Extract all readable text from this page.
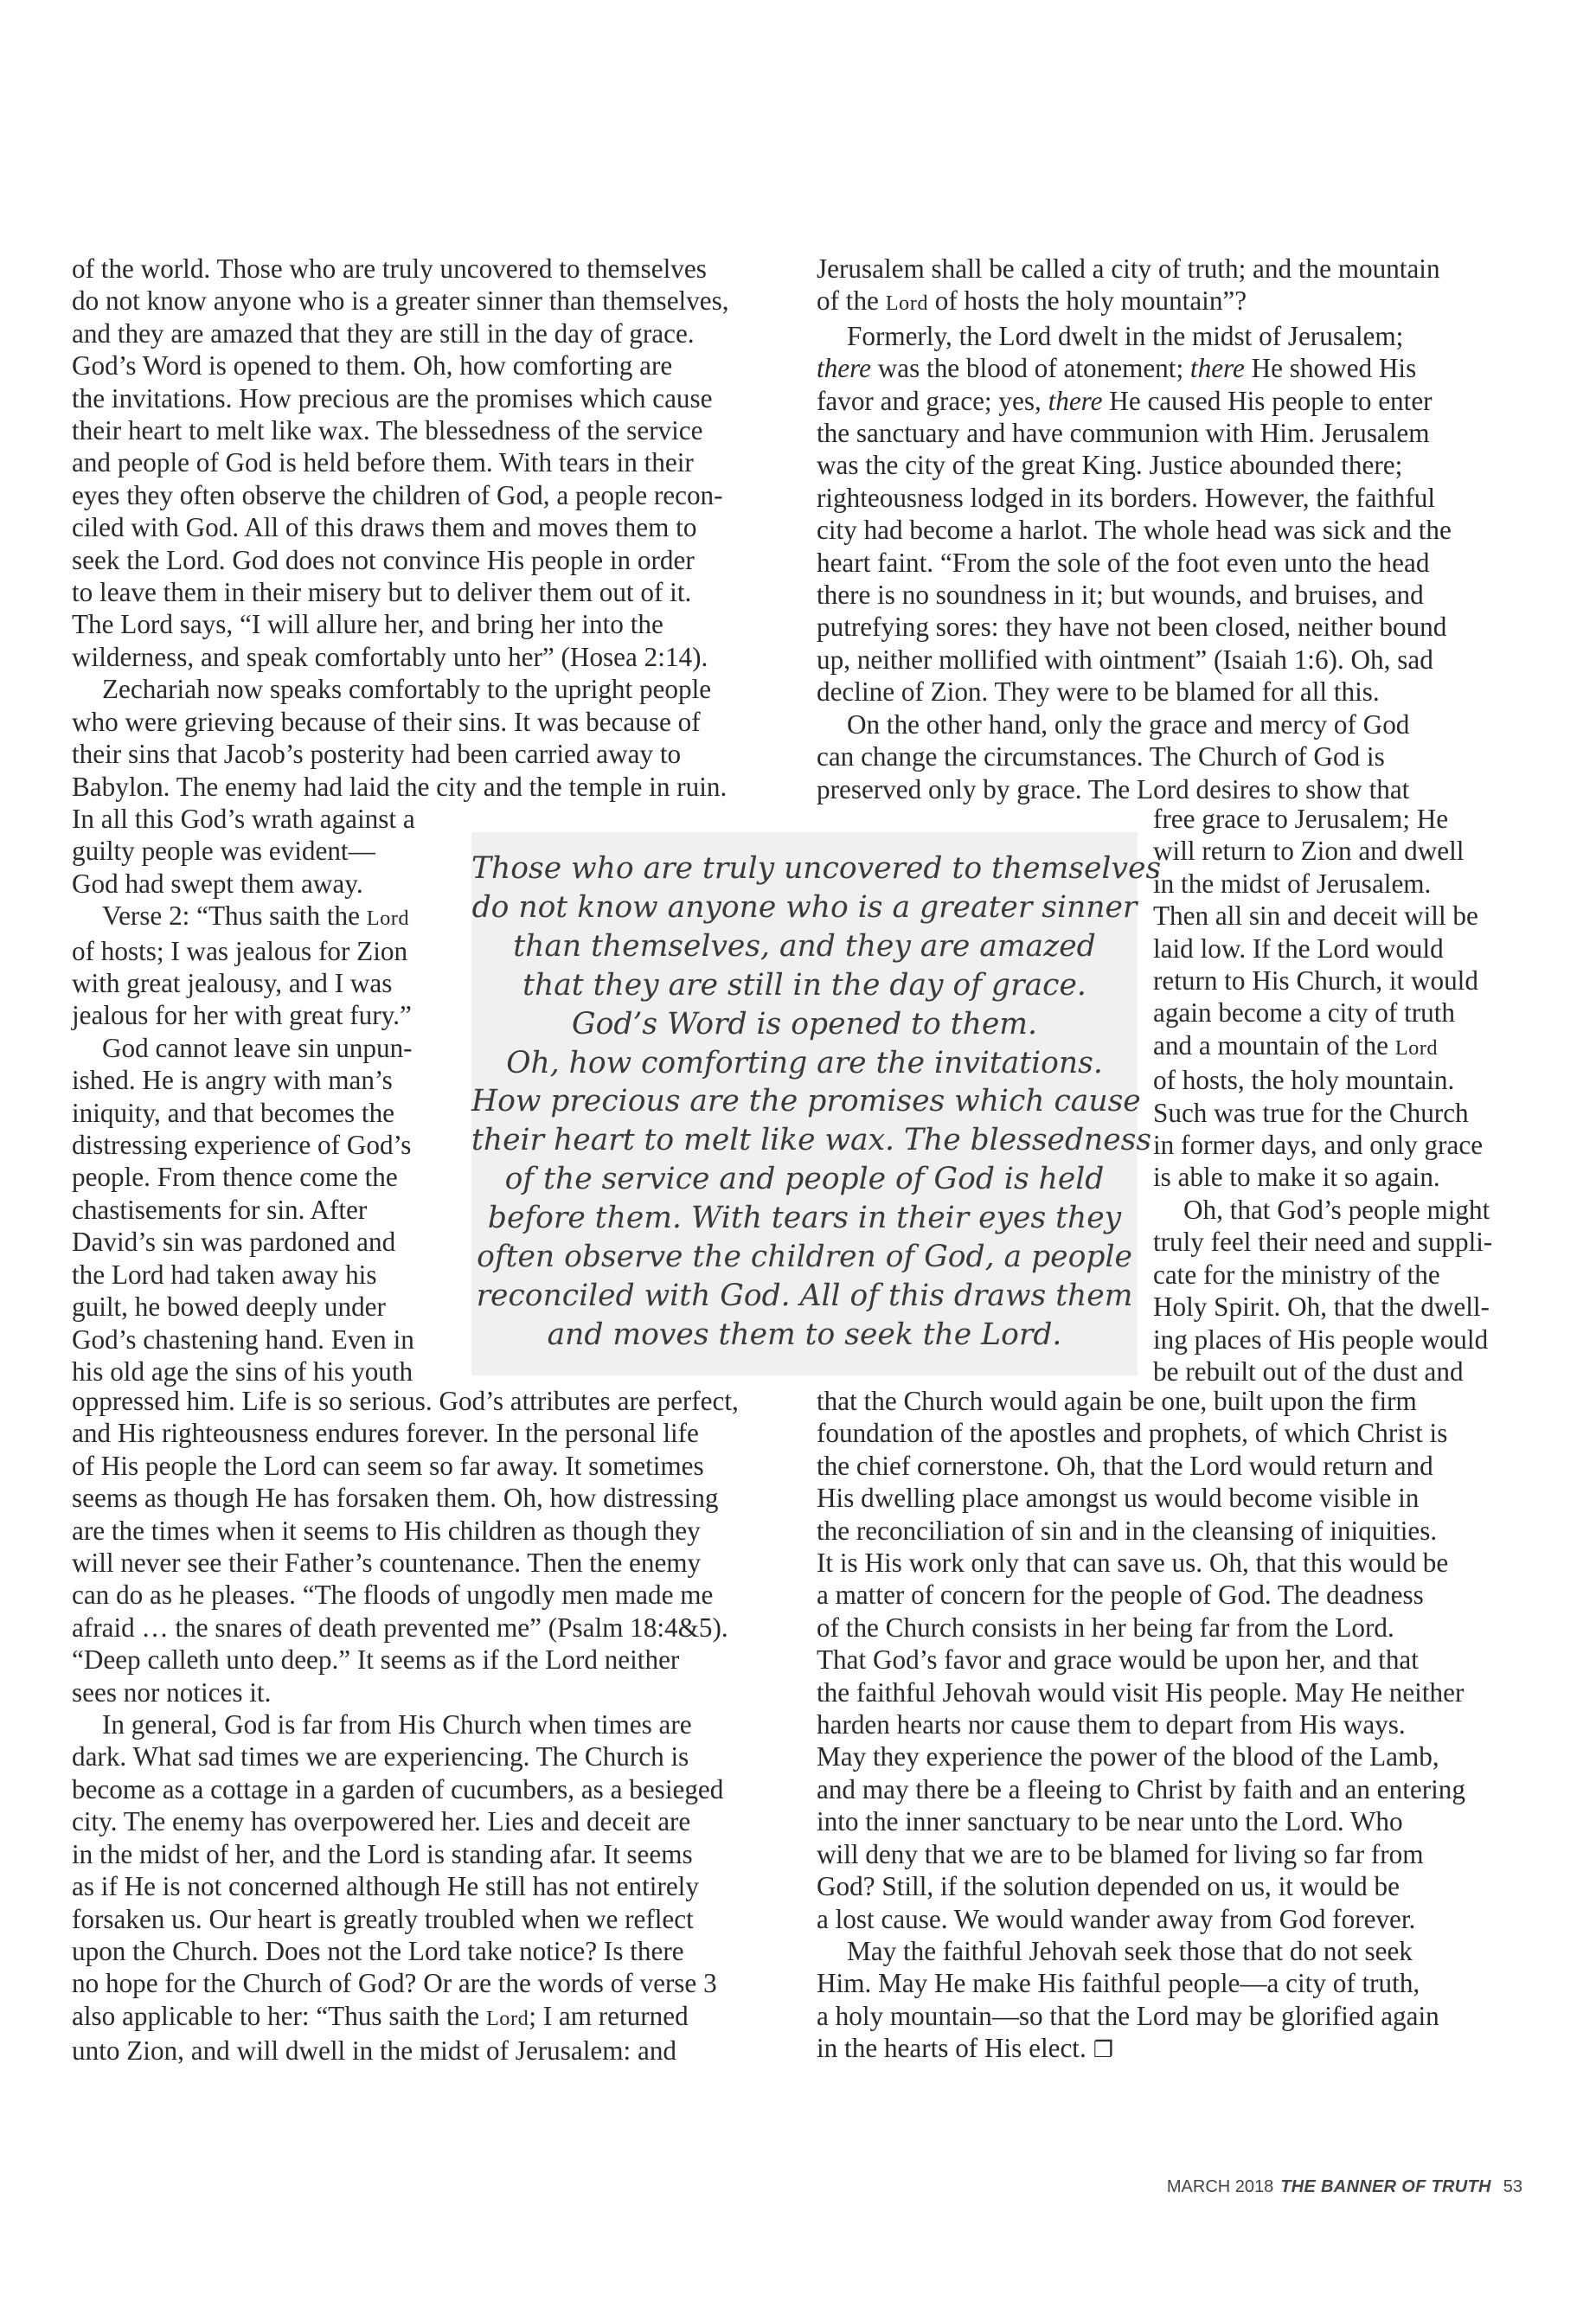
of the world. Those who are truly uncovered to themselves

do not know anyone who is a greater sinner than themselves,

and they are amazed that they are still in the day of grace.

God’s Word is opened to them. Oh, how comforting are

the invitations. How precious are the promises which cause

their heart to melt like wax. The blessedness of the service

and people of God is held before them. With tears in their

eyes they often observe the children of God, a people recon-

ciled with God. All of this draws them and moves them to

seek the Lord. God does not convince His people in order

to leave them in their misery but to deliver them out of it.

The Lord says, “I will allure her, and bring her into the

wilderness, and speak comfortably unto her” (Hosea 2:14).

Zechariah now speaks comfortably to the upright people

who were grieving because of their sins. It was because of

their sins that Jacob’s posterity had been carried away to

Babylon. The enemy had laid the city and the temple in ruin.

In all this God’s wrath against a

guilty people was evident—

God had swept them away.

Verse 2: “Thus saith the Lord

of hosts; I was jealous for Zion

with great jealousy, and I was

jealous for her with great fury.”

God cannot leave sin unpun-

ished. He is angry with man’s

iniquity, and that becomes the

distressing experience of God’s

people. From thence come the

chastisements for sin. After

David’s sin was pardoned and

the Lord had taken away his

guilt, he bowed deeply under

God’s chastening hand. Even in

his old age the sins of his youth

oppressed him. Life is so serious. God’s attributes are perfect,

and His righteousness endures forever. In the personal life

of His people the Lord can seem so far away. It sometimes

seems as though He has forsaken them. Oh, how distressing

are the times when it seems to His children as though they

will never see their Father’s countenance. Then the enemy

can do as he pleases. “The floods of ungodly men made me

afraid … the snares of death prevented me” (Psalm 18:4&5).

“Deep calleth unto deep.” It seems as if the Lord neither

sees nor notices it.

In general, God is far from His Church when times are

dark. What sad times we are experiencing. The Church is

become as a cottage in a garden of cucumbers, as a besieged

city. The enemy has overpowered her. Lies and deceit are

in the midst of her, and the Lord is standing afar. It seems

as if He is not concerned although He still has not entirely

forsaken us. Our heart is greatly troubled when we reflect

upon the Church. Does not the Lord take notice? Is there

no hope for the Church of God? Or are the words of verse 3

also applicable to her: “Thus saith the Lord; I am returned

unto Zion, and will dwell in the midst of Jerusalem: and

Those who are truly uncovered to themselves

do not know anyone who is a greater sinner

than themselves, and they are amazed

that they are still in the day of grace.

God’s Word is opened to them.

Oh, how comforting are the invitations.

How precious are the promises which cause

their heart to melt like wax. The blessedness

of the service and people of God is held

before them. With tears in their eyes they

often observe the children of God, a people

reconciled with God. All of this draws them

and moves them to seek the Lord.

Jerusalem shall be called a city of truth; and the mountain

of the Lord of hosts the holy mountain”?

Formerly, the Lord dwelt in the midst of Jerusalem;

there was the blood of atonement; there He showed His

favor and grace; yes, there He caused His people to enter

the sanctuary and have communion with Him. Jerusalem

was the city of the great King. Justice abounded there;

righteousness lodged in its borders. However, the faithful

city had become a harlot. The whole head was sick and the

heart faint. “From the sole of the foot even unto the head

there is no soundness in it; but wounds, and bruises, and

putrefying sores: they have not been closed, neither bound

up, neither mollified with ointment” (Isaiah 1:6). Oh, sad

decline of Zion. They were to be blamed for all this.

On the other hand, only the grace and mercy of God

can change the circumstances. The Church of God is

preserved only by grace. The Lord desires to show that

free grace to Jerusalem; He

will return to Zion and dwell

in the midst of Jerusalem.

Then all sin and deceit will be

laid low. If the Lord would

return to His Church, it would

again become a city of truth

and a mountain of the Lord

of hosts, the holy mountain.

Such was true for the Church

in former days, and only grace

is able to make it so again.

Oh, that God’s people might

truly feel their need and suppli-

cate for the ministry of the

Holy Spirit. Oh, that the dwell-

ing places of His people would

be rebuilt out of the dust and

that the Church would again be one, built upon the firm

foundation of the apostles and prophets, of which Christ is

the chief cornerstone. Oh, that the Lord would return and

His dwelling place amongst us would become visible in

the reconciliation of sin and in the cleansing of iniquities.

It is His work only that can save us. Oh, that this would be

a matter of concern for the people of God. The deadness

of the Church consists in her being far from the Lord.

That God’s favor and grace would be upon her, and that

the faithful Jehovah would visit His people. May He neither

harden hearts nor cause them to depart from His ways.

May they experience the power of the blood of the Lamb,

and may there be a fleeing to Christ by faith and an entering

into the inner sanctuary to be near unto the Lord. Who

will deny that we are to be blamed for living so far from

God? Still, if the solution depended on us, it would be

a lost cause. We would wander away from God forever.

May the faithful Jehovah seek those that do not seek

Him. May He make His faithful people—a city of truth,

a holy mountain—so that the Lord may be glorified again

in the hearts of His elect. ❐

MARCH 2018 THE BANNER OF TRUTH 53
